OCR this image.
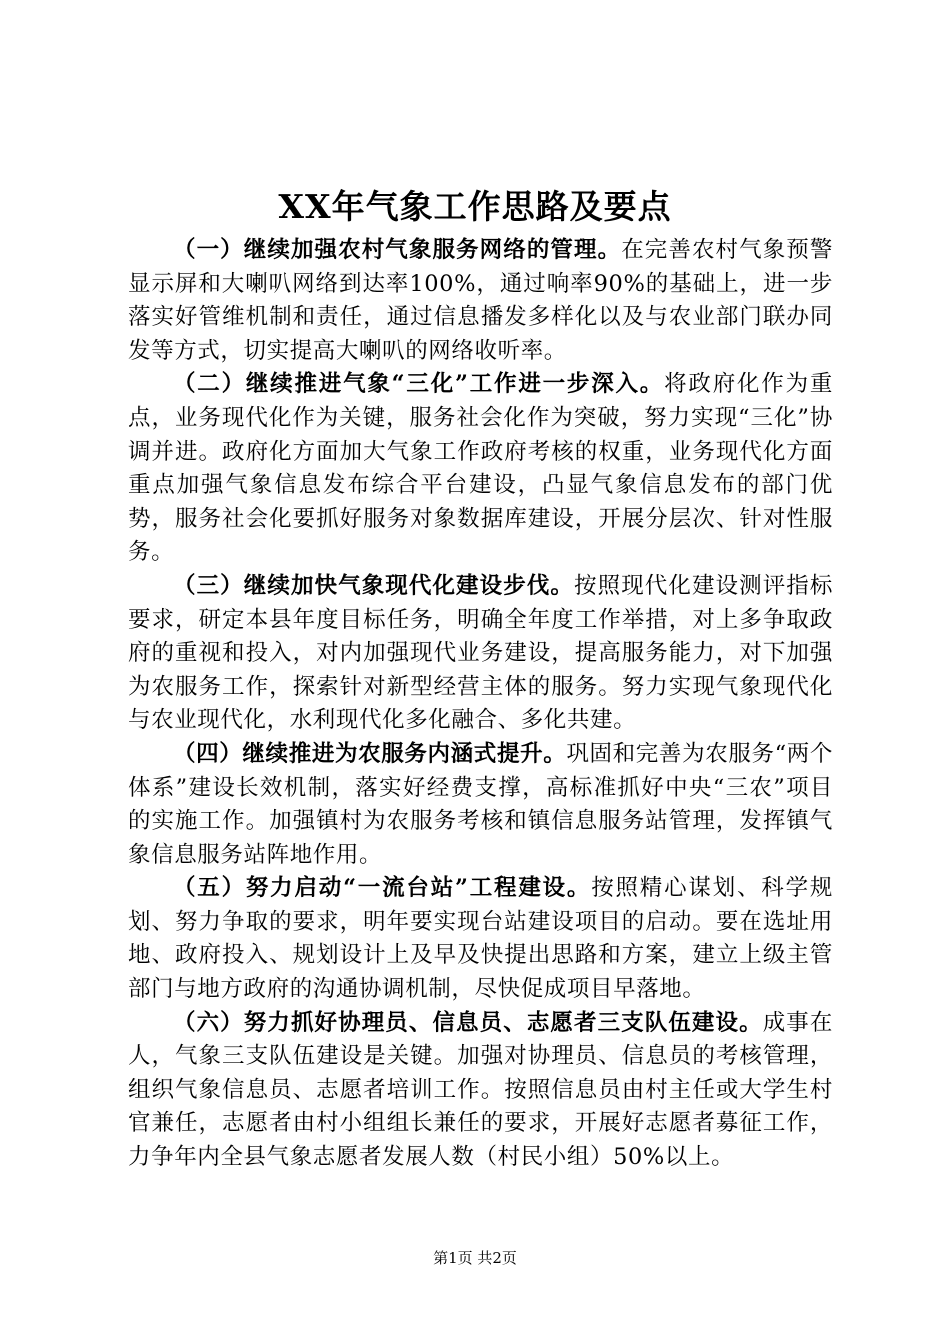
XX年气象工作思路及要点

（一）继续加强农村气象服务网络的管理。在完善农村气象预警显示屏和大喇叭网络到达率100%，通过响率90%的基础上，进一步落实好管维机制和责任，通过信息播发多样化以及与农业部门联办同发等方式，切实提高大喇叭的网络收听率。

（二）继续推进气象“三化”工作进一步深入。将政府化作为重点，业务现代化作为关键，服务社会化作为突破，努力实现“三化”协调并进。政府化方面加大气象工作政府考核的权重，业务现代化方面重点加强气象信息发布综合平台建设，凸显气象信息发布的部门优势，服务社会化要抓好服务对象数据库建设，开展分层次、针对性服务。

（三）继续加快气象现代化建设步伐。按照现代化建设测评指标要求，研定本县年度目标任务，明确全年度工作举措，对上多争取政府的重视和投入，对内加强现代业务建设，提高服务能力，对下加强为农服务工作，探索针对新型经营主体的服务。努力实现气象现代化与农业现代化，水利现代化多化融合、多化共建。

（四）继续推进为农服务内涵式提升。巩固和完善为农服务“两个体系”建设长效机制，落实好经费支撑，高标准抓好中央“三农”项目的实施工作。加强镇村为农服务考核和镇信息服务站管理，发挥镇气象信息服务站阵地作用。

（五）努力启动“一流台站”工程建设。按照精心谋划、科学规划、努力争取的要求，明年要实现台站建设项目的启动。要在选址用地、政府投入、规划设计上及早及快提出思路和方案，建立上级主管部门与地方政府的沟通协调机制，尽快促成项目早落地。

（六）努力抓好协理员、信息员、志愿者三支队伍建设。成事在人，气象三支队伍建设是关键。加强对协理员、信息员的考核管理，组织气象信息员、志愿者培训工作。按照信息员由村主任或大学生村官兼任，志愿者由村小组组长兼任的要求，开展好志愿者募征工作，力争年内全县气象志愿者发展人数（村民小组）50%以上。

第1页 共2页
